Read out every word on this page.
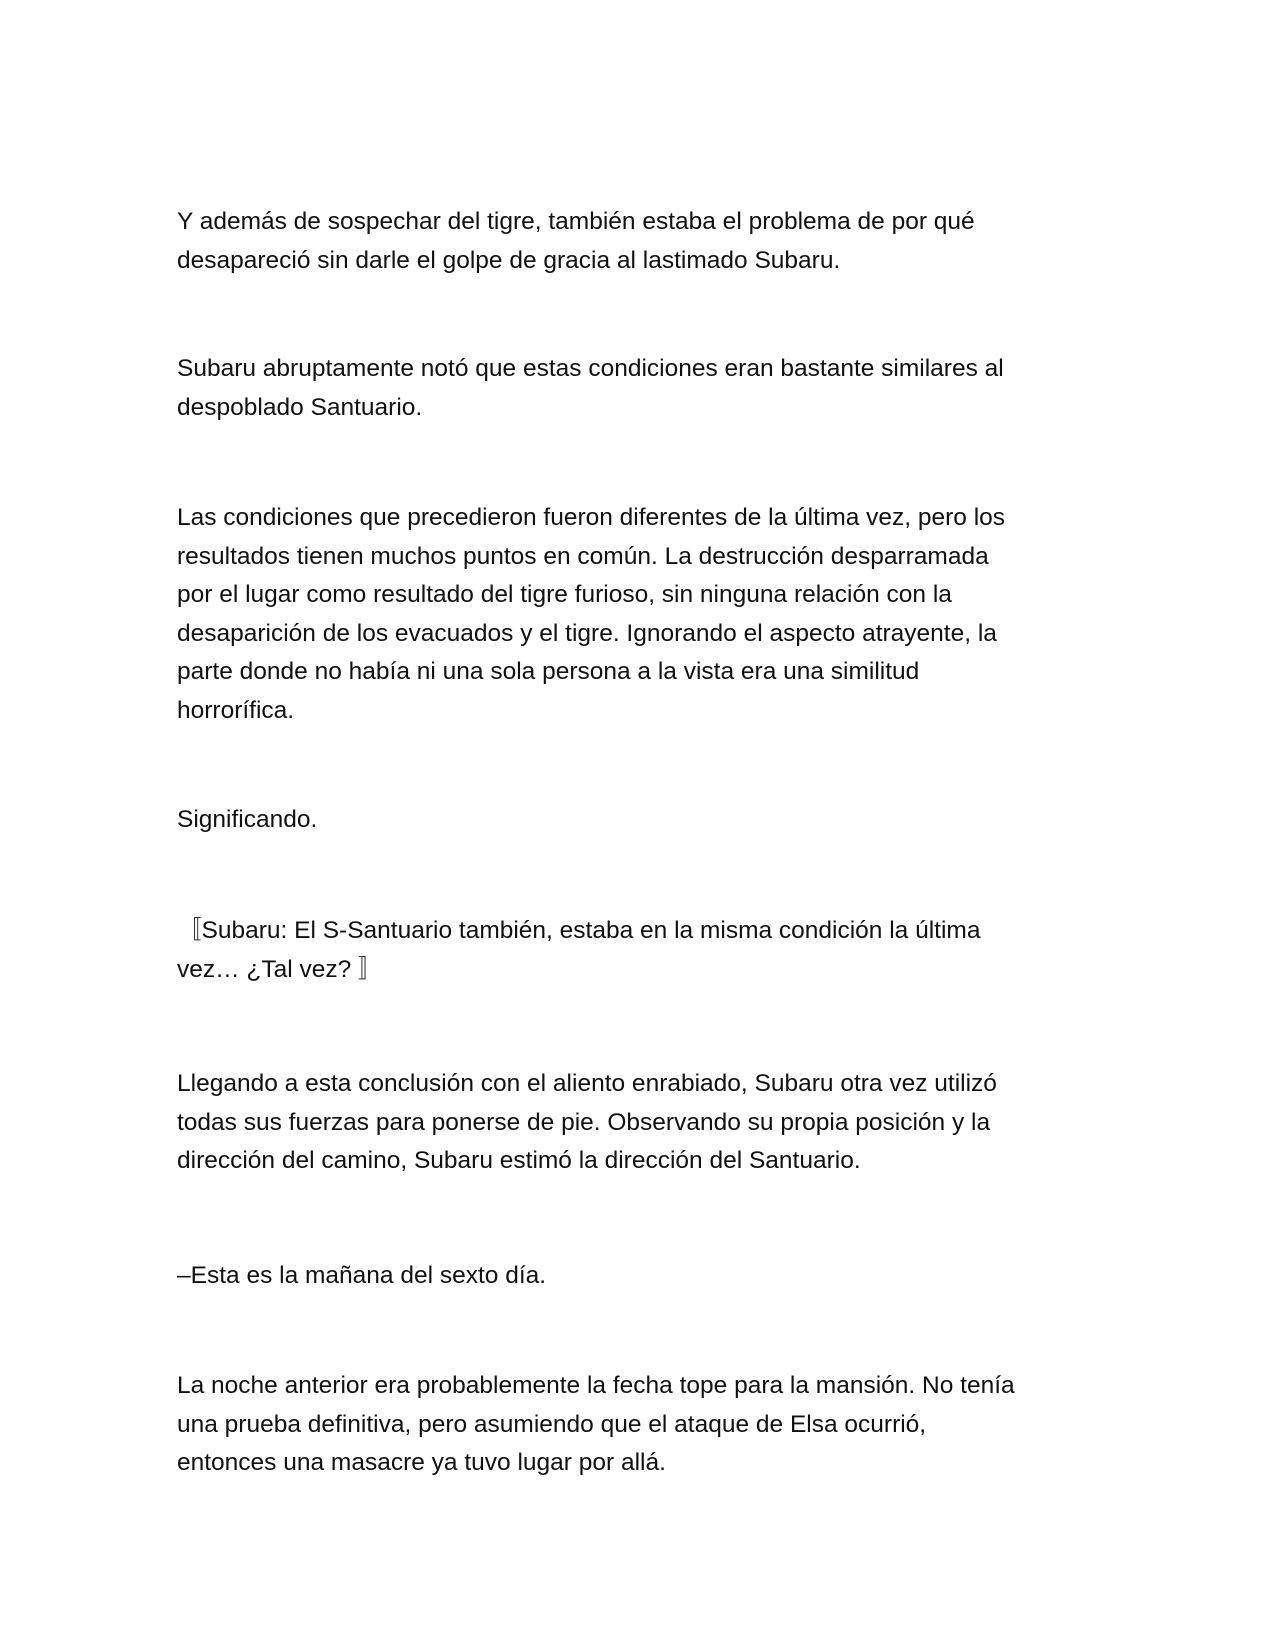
Y además de sospechar del tigre, también estaba el problema de por qué
desapareció sin darle el golpe de gracia al lastimado Subaru.

Subaru abruptamente notó que estas condiciones eran bastante similares al
despoblado Santuario.

Las condiciones que precedieron fueron diferentes de la última vez, pero los
resultados tienen muchos puntos en común. La destrucción desparramada
por el lugar como resultado del tigre furioso, sin ninguna relación con la
desaparición de los evacuados y el tigre. Ignorando el aspecto atrayente, la
parte donde no había ni una sola persona a la vista era una similitud
horrorífica.

Significando.

〚Subaru: El S-Santuario también, estaba en la misma condición la última
vez… ¿Tal vez? 〛

Llegando a esta conclusión con el aliento enrabiado, Subaru otra vez utilizó
todas sus fuerzas para ponerse de pie. Observando su propia posición y la
dirección del camino, Subaru estimó la dirección del Santuario.

–Esta es la mañana del sexto día.

La noche anterior era probablemente la fecha tope para la mansión. No tenía
una prueba definitiva, pero asumiendo que el ataque de Elsa ocurrió,
entonces una masacre ya tuvo lugar por allá.
